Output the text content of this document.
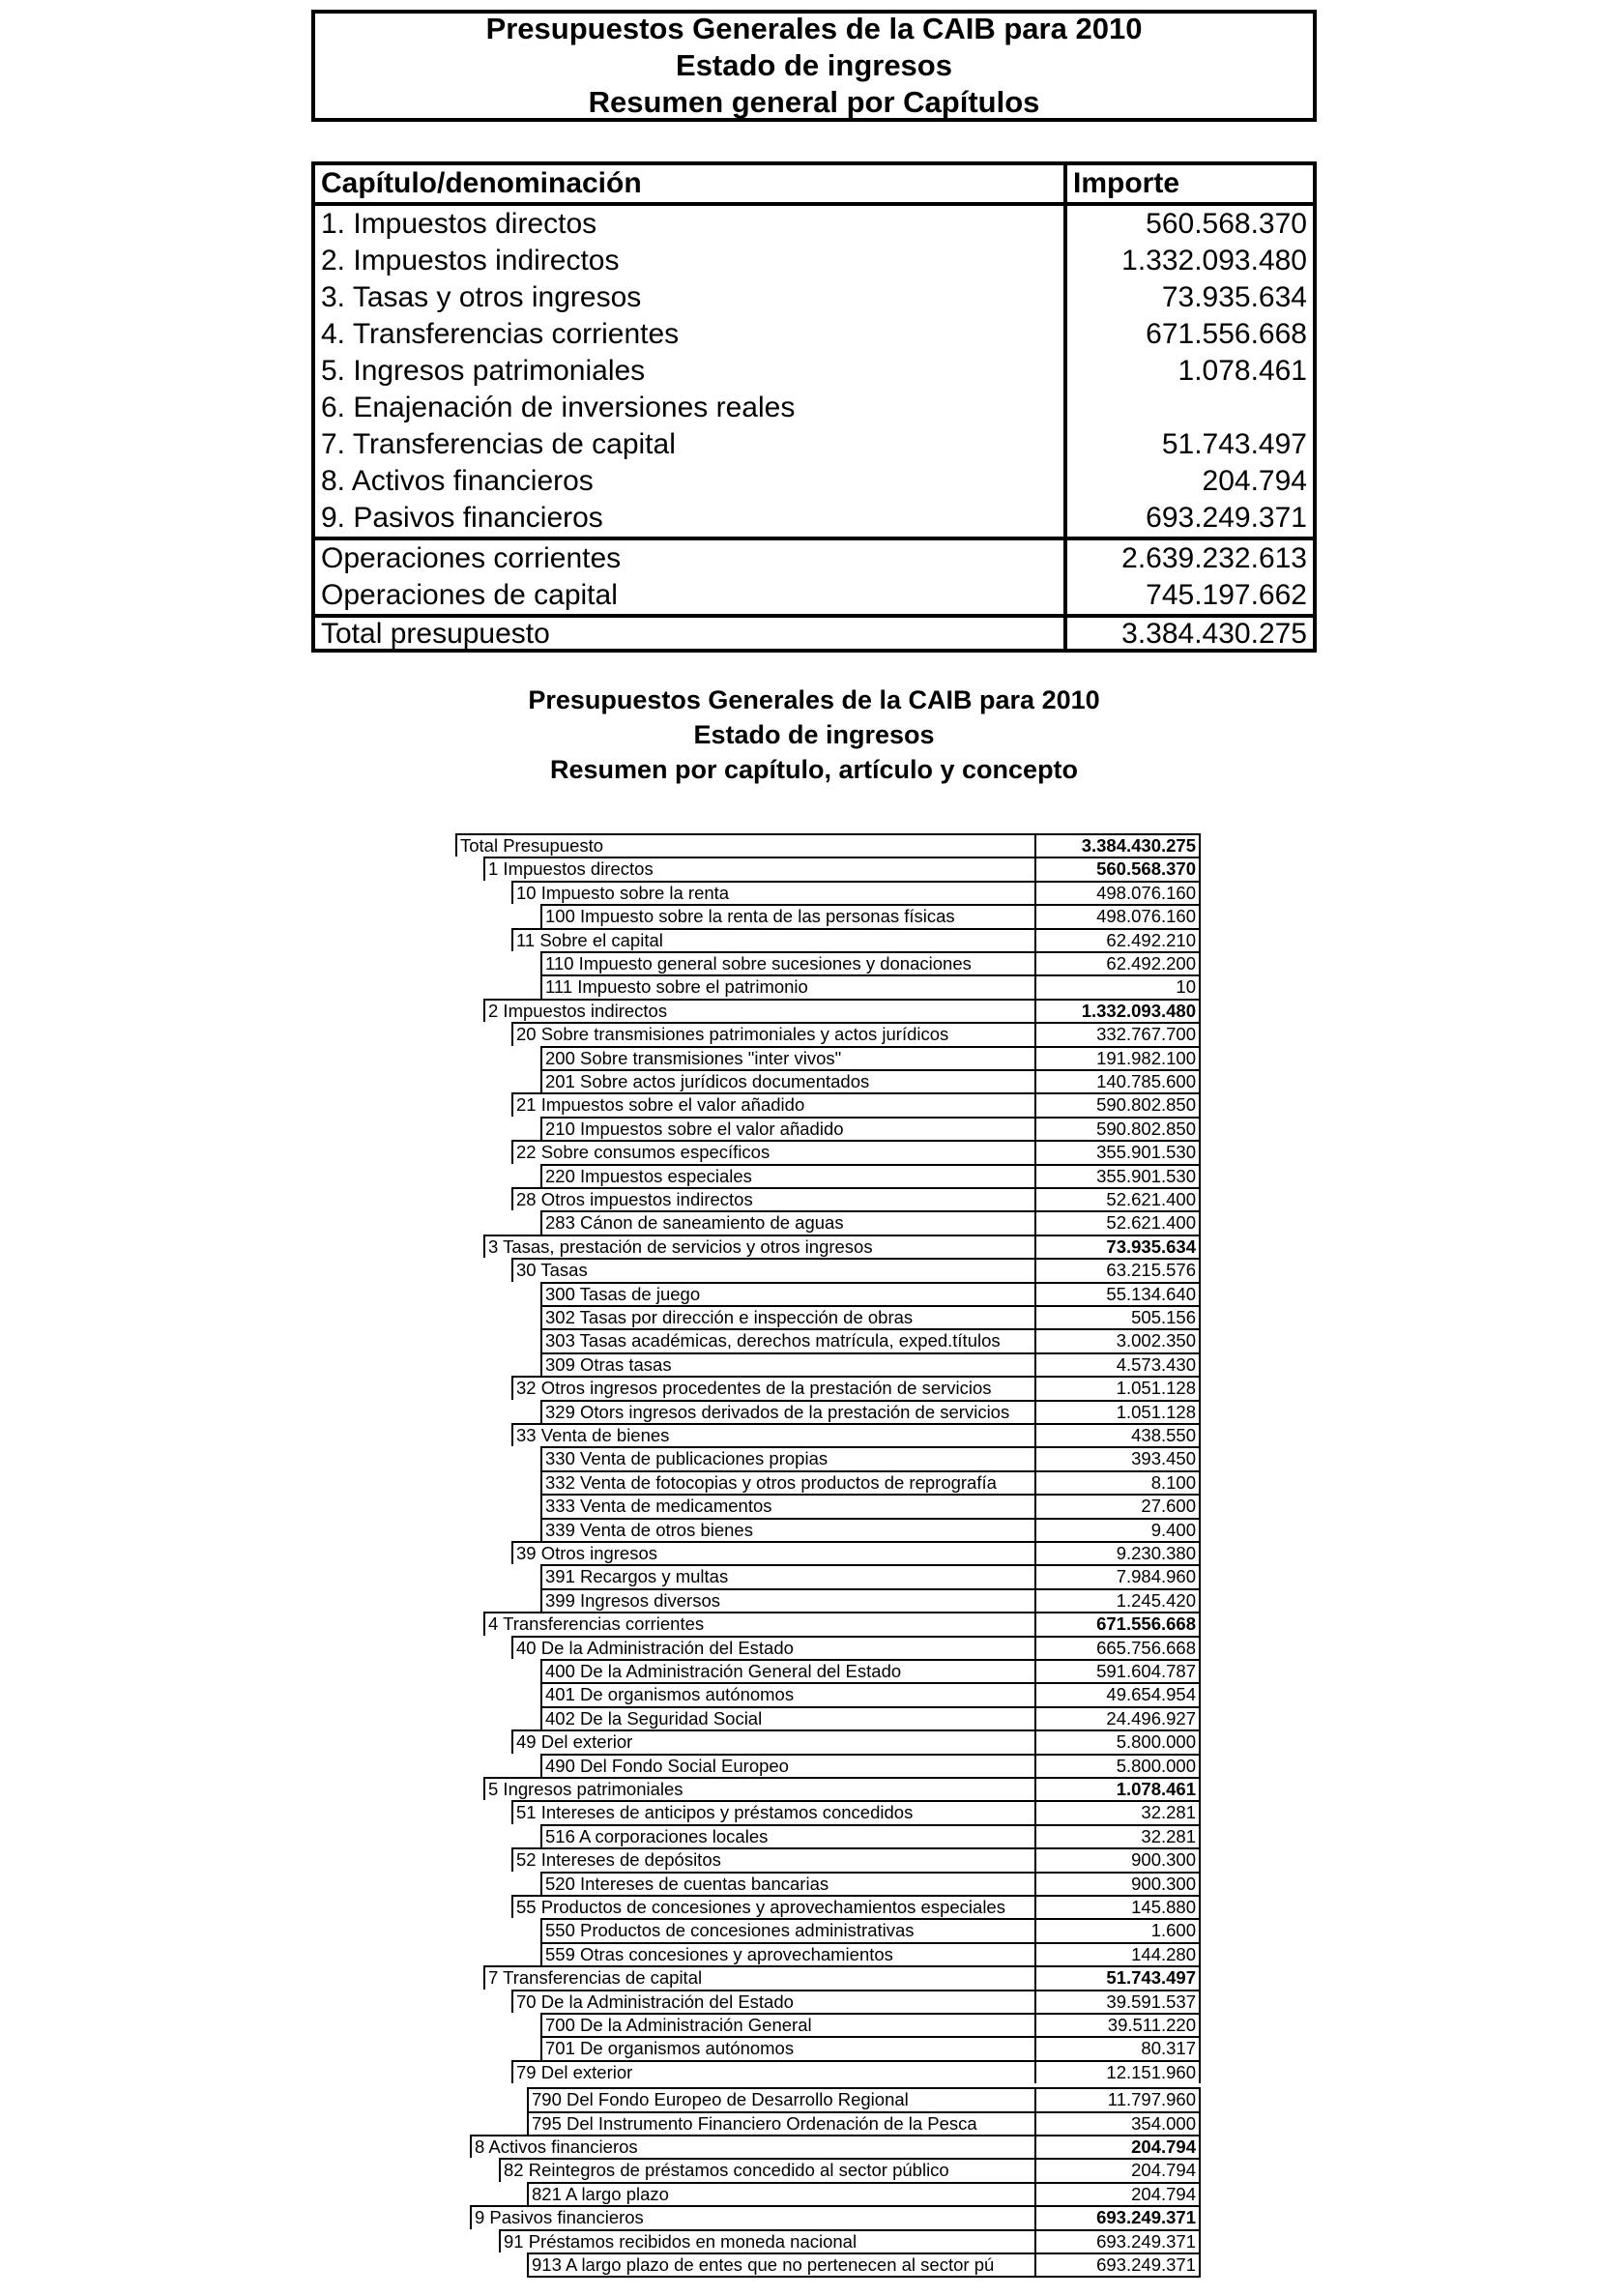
Presupuestos Generales de la CAIB para 2010
Estado de ingresos
Resumen general por Capítulos
Capítulo/denominación	Importe
1. Impuestos directos	560.568.370
2. Impuestos indirectos	1.332.093.480
3. Tasas y otros ingresos	73.935.634
4. Transferencias corrientes	671.556.668
5. Ingresos patrimoniales	1.078.461
6. Enajenación de inversiones reales
7. Transferencias de capital	51.743.497
8. Activos financieros	204.794
9. Pasivos financieros	693.249.371
Operaciones corrientes	2.639.232.613
Operaciones de capital	745.197.662
Total presupuesto	3.384.430.275
Presupuestos Generales de la CAIB para 2010
Estado de ingresos
Resumen por capítulo, artículo y concepto
Total Presupuesto	3.384.430.275
1 Impuestos directos	560.568.370
10 Impuesto sobre la renta	498.076.160
100 Impuesto sobre la renta de las personas físicas	498.076.160
11 Sobre el capital	62.492.210
110 Impuesto general sobre sucesiones y donaciones	62.492.200
111 Impuesto sobre el patrimonio	10
2 Impuestos indirectos	1.332.093.480
20 Sobre transmisiones patrimoniales y actos jurídicos	332.767.700
200 Sobre transmisiones "inter vivos"	191.982.100
201 Sobre actos jurídicos documentados	140.785.600
21 Impuestos sobre el valor añadido	590.802.850
210 Impuestos sobre el valor añadido	590.802.850
22 Sobre consumos específicos	355.901.530
220 Impuestos especiales	355.901.530
28 Otros impuestos indirectos	52.621.400
283 Cánon de saneamiento de aguas	52.621.400
3 Tasas, prestación de servicios y otros ingresos	73.935.634
30 Tasas	63.215.576
300 Tasas de juego	55.134.640
302 Tasas por dirección e inspección de obras	505.156
303 Tasas académicas, derechos matrícula, exped.títulos	3.002.350
309 Otras tasas	4.573.430
32 Otros ingresos procedentes de la prestación de servicios	1.051.128
329 Otors ingresos derivados de la prestación de servicios	1.051.128
33 Venta de bienes	438.550
330 Venta de publicaciones propias	393.450
332 Venta de fotocopias y otros productos de reprografía	8.100
333 Venta de medicamentos	27.600
339 Venta de otros bienes	9.400
39 Otros ingresos	9.230.380
391 Recargos y multas	7.984.960
399 Ingresos diversos	1.245.420
4 Transferencias corrientes	671.556.668
40 De la Administración del Estado	665.756.668
400 De la Administración General del Estado	591.604.787
401 De organismos autónomos	49.654.954
402 De la Seguridad Social	24.496.927
49 Del exterior	5.800.000
490 Del Fondo Social Europeo	5.800.000
5 Ingresos patrimoniales	1.078.461
51 Intereses de anticipos y préstamos concedidos	32.281
516 A corporaciones locales	32.281
52 Intereses de depósitos	900.300
520 Intereses de cuentas bancarias	900.300
55 Productos de concesiones y aprovechamientos especiales	145.880
550 Productos de concesiones administrativas	1.600
559 Otras concesiones y aprovechamientos	144.280
7 Transferencias de capital	51.743.497
70 De la Administración del Estado	39.591.537
700 De la Administración General	39.511.220
701 De organismos autónomos	80.317
79 Del exterior	12.151.960
790 Del Fondo Europeo de Desarrollo Regional	11.797.960
795 Del Instrumento Financiero Ordenación de la Pesca	354.000
8 Activos financieros	204.794
82 Reintegros de préstamos concedido al sector público	204.794
821 A largo plazo	204.794
9 Pasivos financieros	693.249.371
91 Préstamos recibidos en moneda nacional	693.249.371
913 A largo plazo de entes que no pertenecen al sector pú	693.249.371
